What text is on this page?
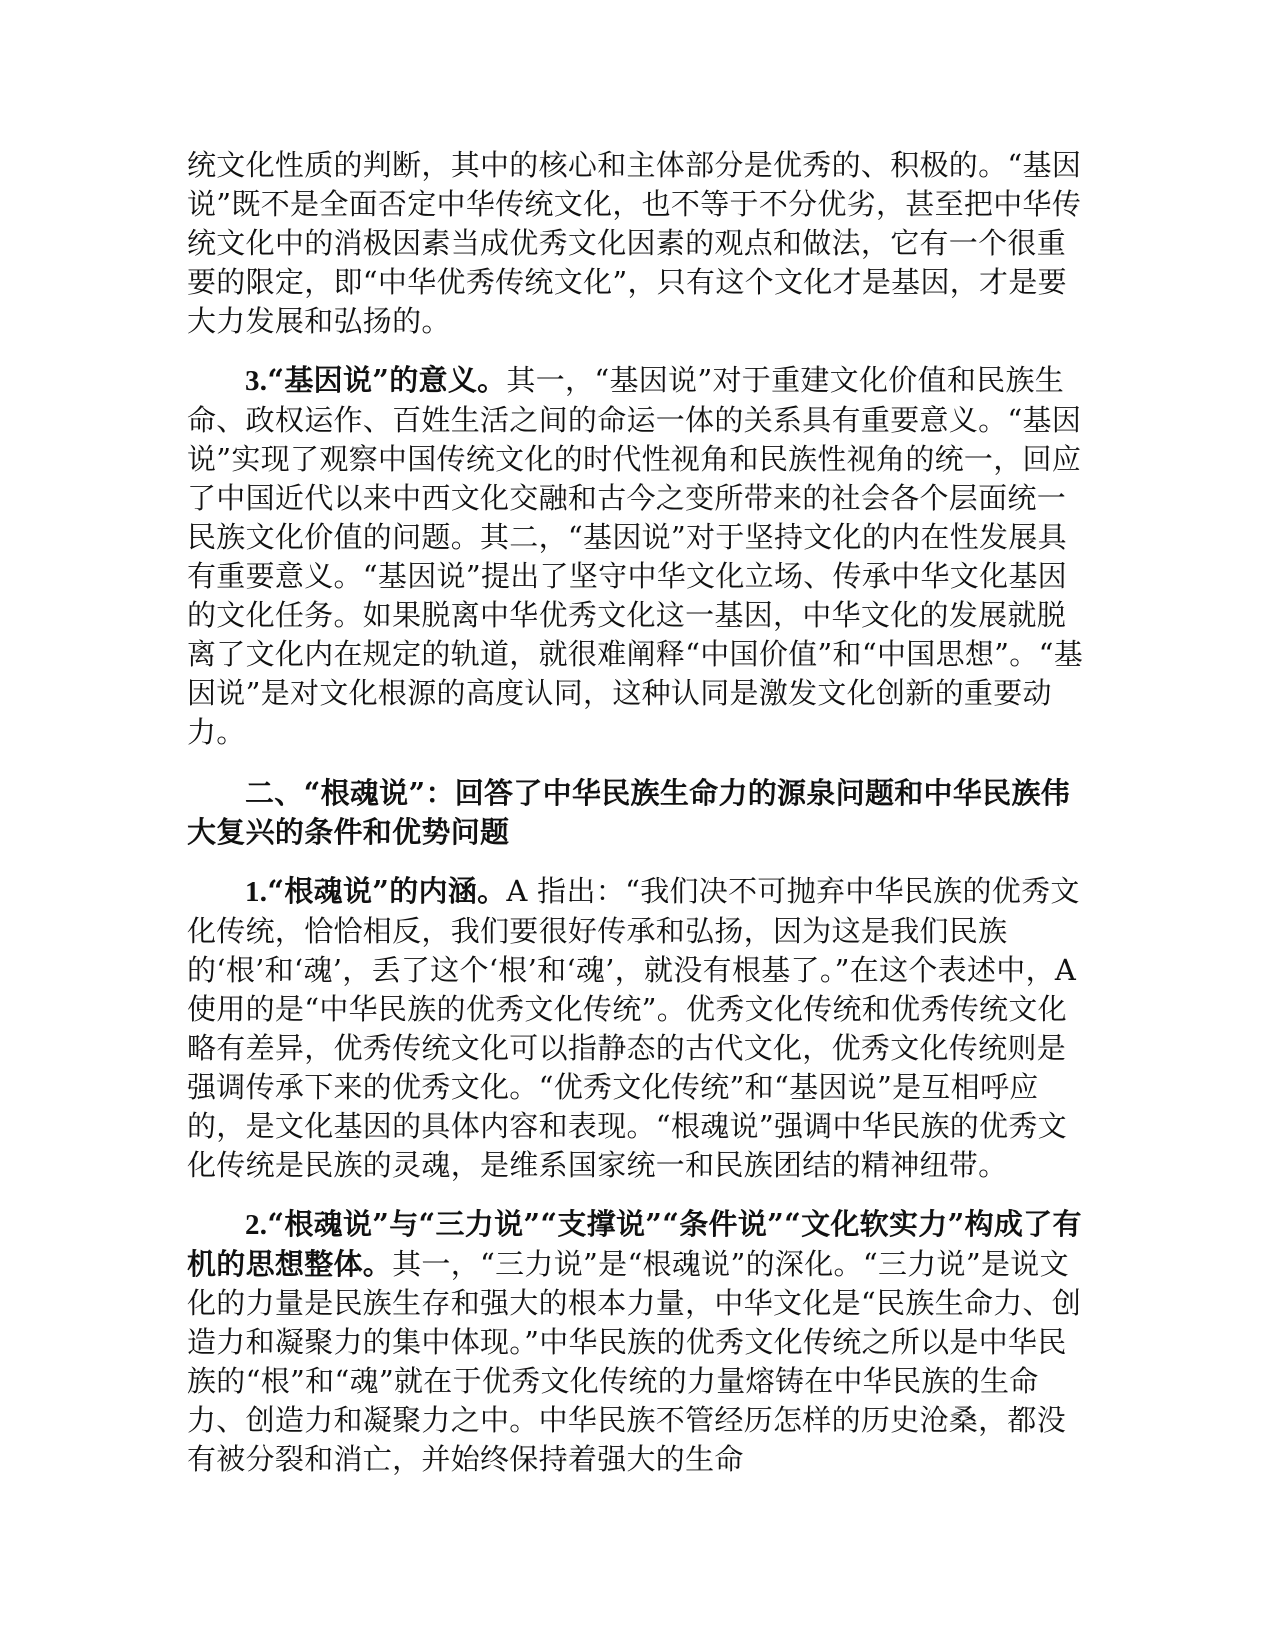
统文化性质的判断，其中的核心和主体部分是优秀的、积极的。“基因说”既不是全面否定中华传统文化，也不等于不分优劣，甚至把中华传统文化中的消极因素当成优秀文化因素的观点和做法，它有一个很重要的限定，即“中华优秀传统文化”，只有这个文化才是基因，才是要大力发展和弘扬的。

3.“基因说”的意义。其一，“基因说”对于重建文化价值和民族生命、政权运作、百姓生活之间的命运一体的关系具有重要意义。“基因说”实现了观察中国传统文化的时代性视角和民族性视角的统一，回应了中国近代以来中西文化交融和古今之变所带来的社会各个层面统一民族文化价值的问题。其二，“基因说”对于坚持文化的内在性发展具有重要意义。“基因说”提出了坚守中华文化立场、传承中华文化基因的文化任务。如果脱离中华优秀文化这一基因，中华文化的发展就脱离了文化内在规定的轨道，就很难阐释“中国价值”和“中国思想”。“基因说”是对文化根源的高度认同，这种认同是激发文化创新的重要动力。

二、“根魂说”：回答了中华民族生命力的源泉问题和中华民族伟大复兴的条件和优势问题

1.“根魂说”的内涵。A 指出：“我们决不可抛弃中华民族的优秀文化传统，恰恰相反，我们要很好传承和弘扬，因为这是我们民族的‘根’和‘魂’，丢了这个‘根’和‘魂’，就没有根基了。”在这个表述中，A 使用的是“中华民族的优秀文化传统”。优秀文化传统和优秀传统文化略有差异，优秀传统文化可以指静态的古代文化，优秀文化传统则是强调传承下来的优秀文化。“优秀文化传统”和“基因说”是互相呼应的，是文化基因的具体内容和表现。“根魂说”强调中华民族的优秀文化传统是民族的灵魂，是维系国家统一和民族团结的精神纽带。

2.“根魂说”与“三力说”“支撑说”“条件说”“文化软实力”构成了有机的思想整体。其一，“三力说”是“根魂说”的深化。“三力说”是说文化的力量是民族生存和强大的根本力量，中华文化是“民族生命力、创造力和凝聚力的集中体现。”中华民族的优秀文化传统之所以是中华民族的“根”和“魂”就在于优秀文化传统的力量熔铸在中华民族的生命力、创造力和凝聚力之中。中华民族不管经历怎样的历史沧桑，都没有被分裂和消亡，并始终保持着强大的生命
